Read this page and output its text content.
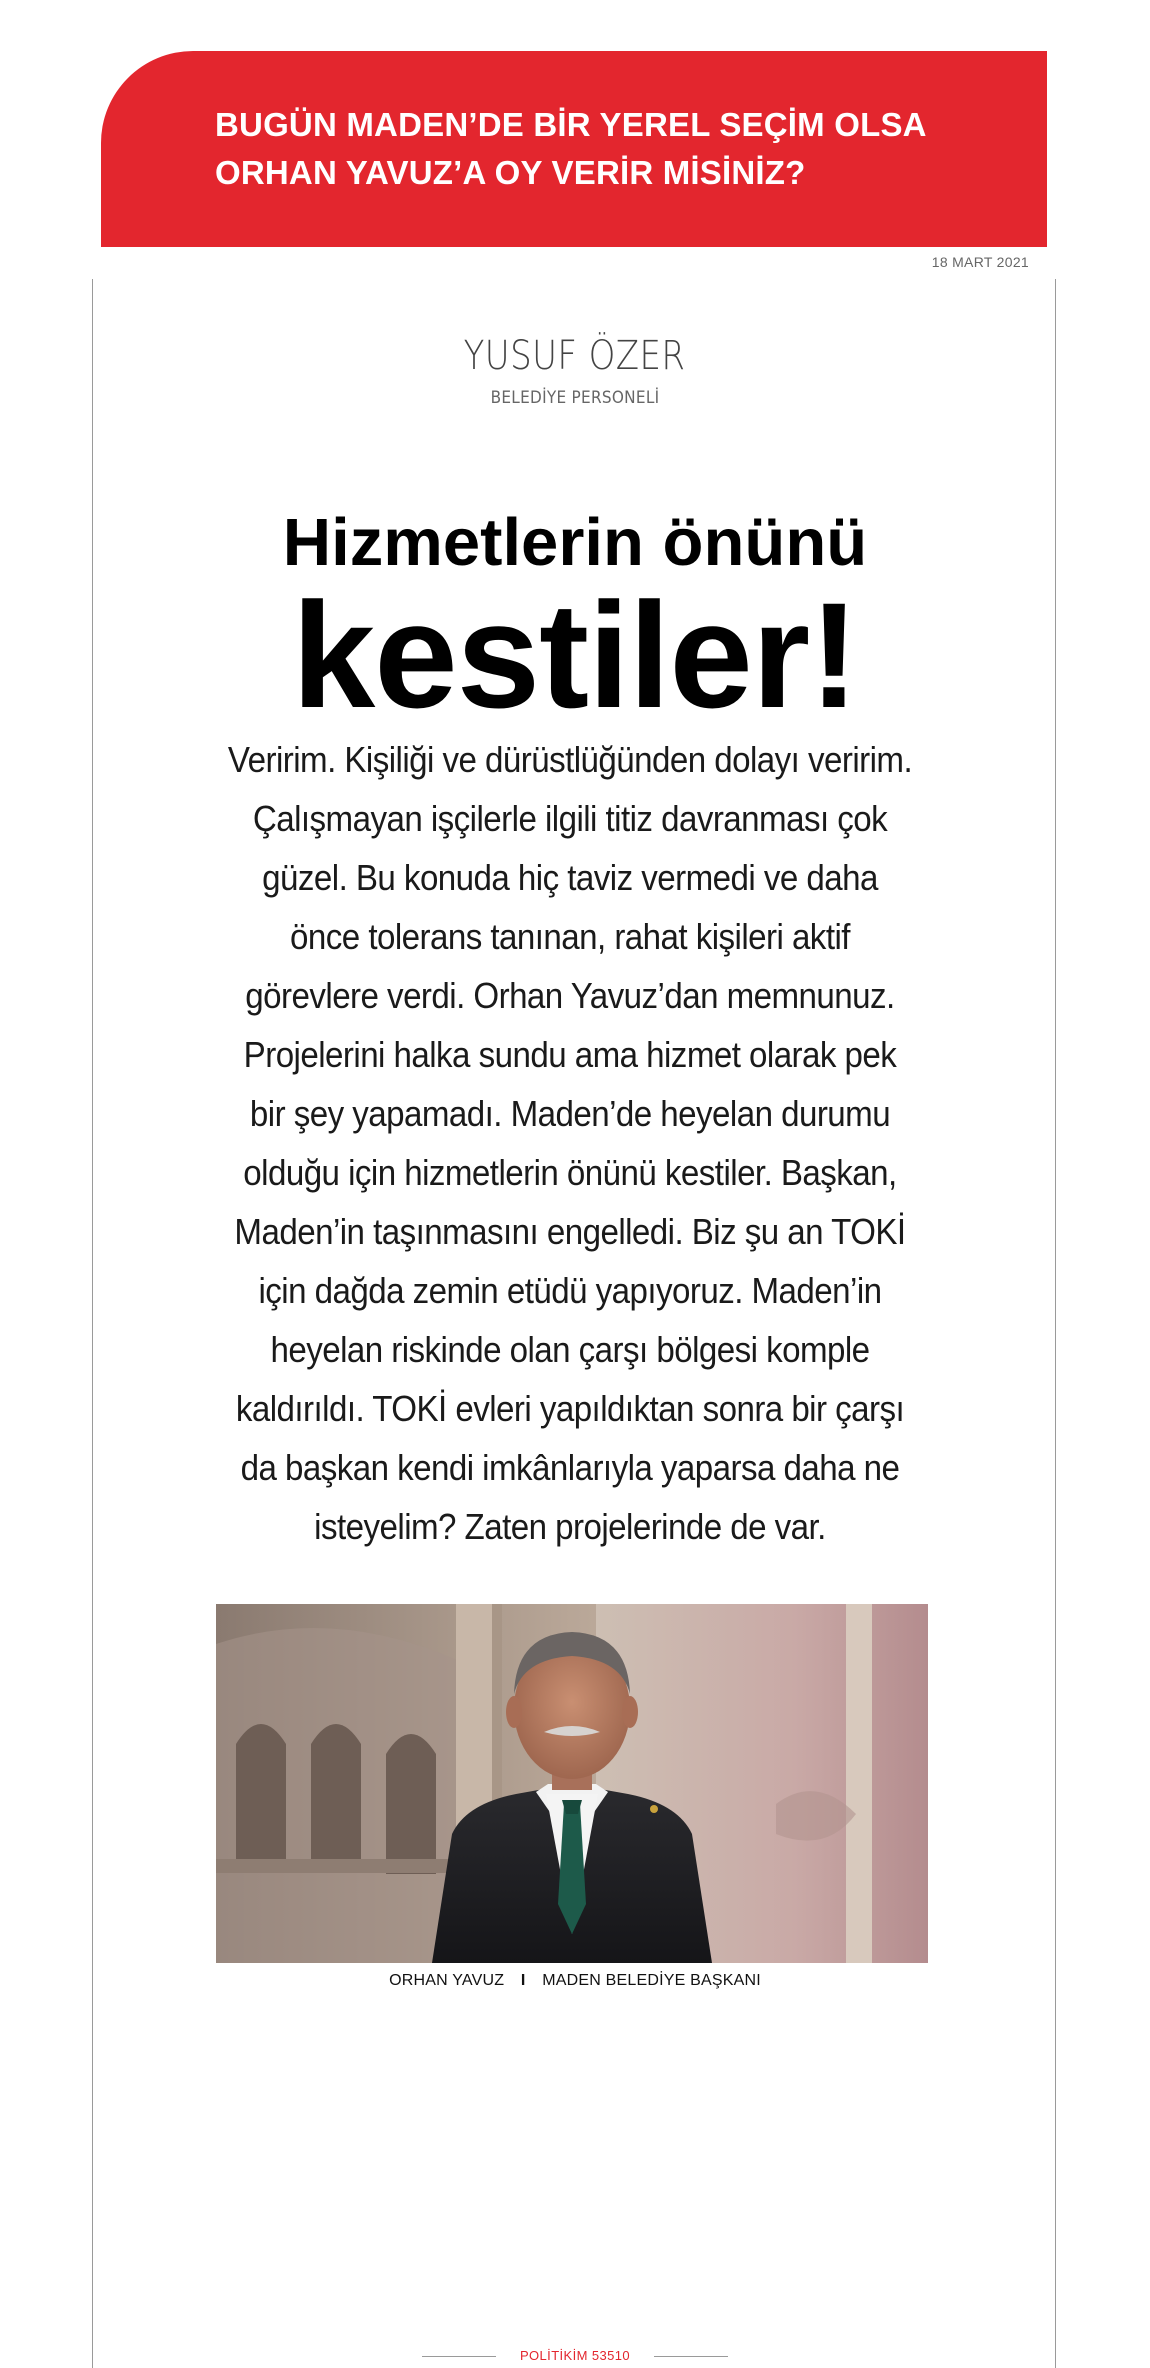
BUGÜN MADEN’DE BİR YEREL SEÇİM OLSA
ORHAN YAVUZ’A OY VERİR MİSİNİZ?
18 MART 2021
YUSUF ÖZER
BELEDİYE PERSONELİ
Hizmetlerin önünü
kestiler!
Veririm. Kişiliği ve dürüstlüğünden dolayı veririm. Çalışmayan işçilerle ilgili titiz davranması çok güzel. Bu konuda hiç taviz vermedi ve daha önce tolerans tanınan, rahat kişileri aktif görevlere verdi. Orhan Yavuz’dan memnunuz. Projelerini halka sundu ama hizmet olarak pek bir şey yapamadı. Maden’de heyelan durumu olduğu için hizmetlerin önünü kestiler. Başkan, Maden’in taşınmasını engelledi. Biz şu an TOKİ için dağda zemin etüdü yapıyoruz. Maden’in heyelan riskinde olan çarşı bölgesi komple kaldırıldı. TOKİ evleri yapıldıktan sonra bir çarşı da başkan kendi imkânlarıyla yaparsa daha ne isteyelim? Zaten projelerinde de var.
ORHAN YAVUZ I MADEN BELEDİYE BAŞKANI
POLİTİKİM 53510
